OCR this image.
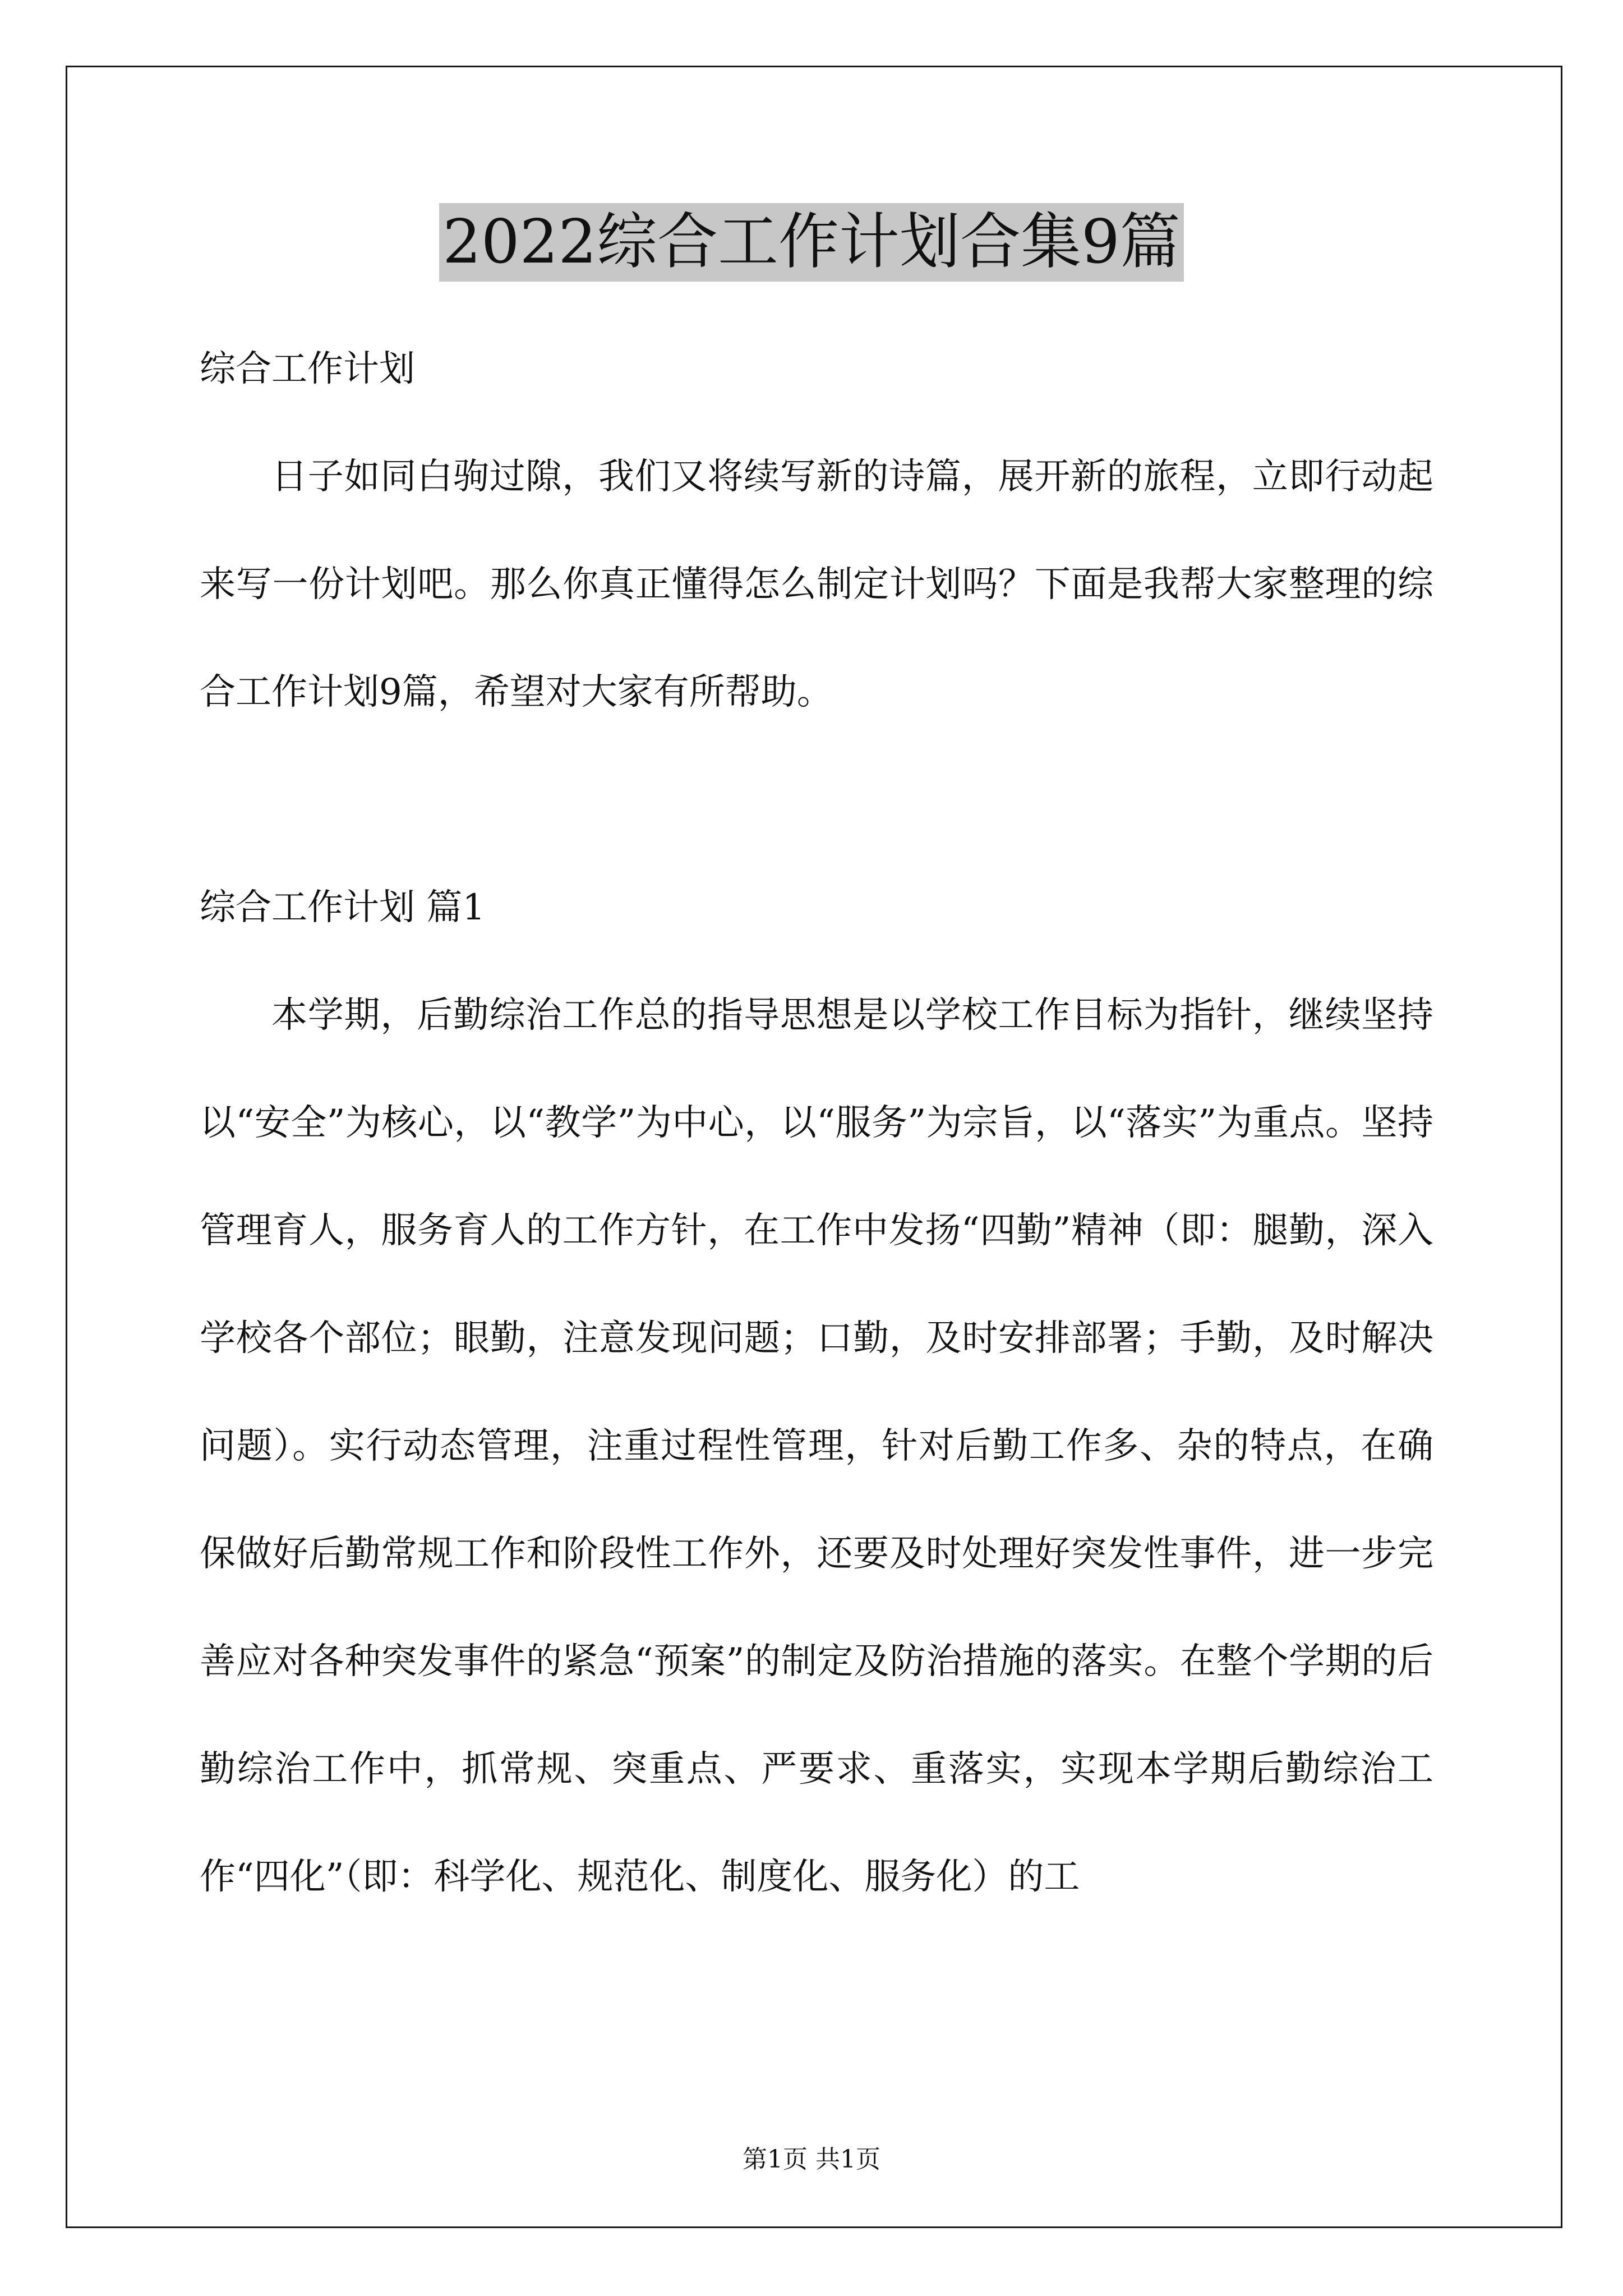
2022综合工作计划合集9篇

综合工作计划

日子如同白驹过隙，我们又将续写新的诗篇，展开新的旅程，立即行动起来写一份计划吧。那么你真正懂得怎么制定计划吗？下面是我帮大家整理的综合工作计划9篇，希望对大家有所帮助。

综合工作计划 篇1

本学期，后勤综治工作总的指导思想是以学校工作目标为指针，继续坚持以“安全”为核心，以“教学”为中心，以“服务”为宗旨，以“落实”为重点。坚持管理育人，服务育人的工作方针，在工作中发扬“四勤”精神（即：腿勤，深入学校各个部位；眼勤，注意发现问题；口勤，及时安排部署；手勤，及时解决问题）。实行动态管理，注重过程性管理，针对后勤工作多、杂的特点，在确保做好后勤常规工作和阶段性工作外，还要及时处理好突发性事件，进一步完善应对各种突发事件的紧急“预案”的制定及防治措施的落实。在整个学期的后勤综治工作中，抓常规、突重点、严要求、重落实，实现本学期后勤综治工作“四化”（即：科学化、规范化、制度化、服务化）的工

第1页 共1页
